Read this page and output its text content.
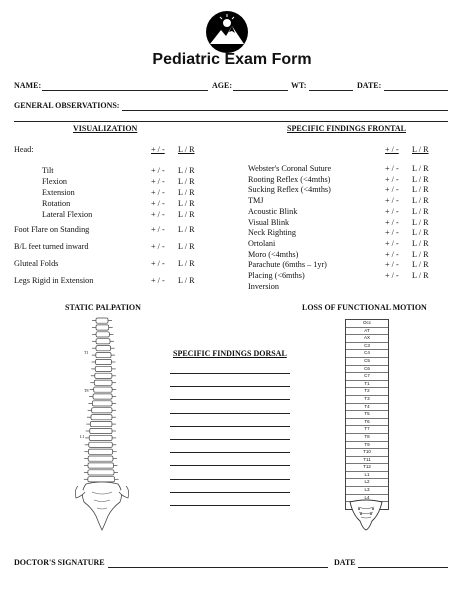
Pediatric Exam Form
NAME:	AGE:	WT:	DATE:
GENERAL OBSERVATIONS:
VISUALIZATION
+ / - L / R
Head:
Tilt	+ / - L / R
Flexion	+ / - L / R
Extension	+ / - L / R
Rotation	+ / - L / R
Lateral Flexion	+ / - L / R
Foot Flare on Standing	+ / - L / R
B/L feet turned inward	+ / - L / R
Gluteal Folds	+ / - L / R
Legs Rigid in Extension	+ / - L / R
SPECIFIC FINDINGS FRONTAL
+ / - L / R
Webster's Coronal Suture	+ / - L / R
Rooting Reflex (<4mths)	+ / - L / R
Sucking Reflex (<4mths)	+ / - L / R
TMJ	+ / - L / R
Acoustic Blink	+ / - L / R
Visual Blink	+ / - L / R
Neck Righting	+ / - L / R
Ortolani	+ / - L / R
Moro (<4mths)	+ / - L / R
Parachute (6mths – 1yr)	+ / - L / R
Placing (<6mths)	+ / - L / R
Inversion
STATIC PALPATION
T1
T8
L1
SPECIFIC FINDINGS DORSAL
LOSS OF FUNCTIONAL MOTION
Occ
AT
AX
C3
C4
C5
C6
C7
T1
T2
T3
T4
T5
T6
T7
T8
T9
T10
T11
T12
L1
L2
L3
L4
DOCTOR'S SIGNATURE	DATE
